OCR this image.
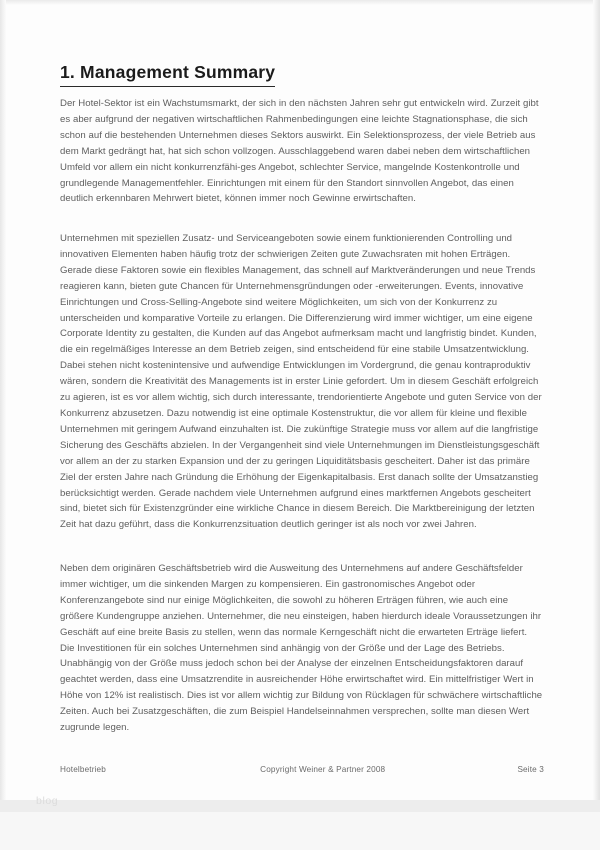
1. Management Summary

Der Hotel-Sektor ist ein Wachstumsmarkt, der sich in den nächsten Jahren sehr gut entwickeln wird. Zurzeit gibt es aber aufgrund der negativen wirtschaftlichen Rahmenbedingungen eine leichte Stagnationsphase, die sich schon auf die bestehenden Unternehmen dieses Sektors auswirkt. Ein Selektionsprozess, der viele Betrieb aus dem Markt gedrängt hat, hat sich schon vollzogen. Ausschlaggebend waren dabei neben dem wirtschaftlichen Umfeld vor allem ein nicht konkurrenzfähi-ges Angebot, schlechter Service, mangelnde Kostenkontrolle und grundlegende Managementfehler. Einrichtungen mit einem für den Standort sinnvollen Angebot, das einen deutlich erkennbaren Mehrwert bietet, können immer noch Gewinne erwirtschaften.

Unternehmen mit speziellen Zusatz- und Serviceangeboten sowie einem funktionierenden Controlling und innovativen Elementen haben häufig trotz der schwierigen Zeiten gute Zuwachsraten mit hohen Erträgen. Gerade diese Faktoren sowie ein flexibles Management, das schnell auf Marktveränderungen und neue Trends reagieren kann, bieten gute Chancen für Unternehmensgründungen oder -erweiterungen. Events, innovative Einrichtungen und Cross-Selling-Angebote sind weitere Möglichkeiten, um sich von der Konkurrenz zu unterscheiden und komparative Vorteile zu erlangen. Die Differenzierung wird immer wichtiger, um eine eigene Corporate Identity zu gestalten, die Kunden auf das Angebot aufmerksam macht und langfristig bindet. Kunden, die ein regelmäßiges Interesse an dem Betrieb zeigen, sind entscheidend für eine stabile Umsatzentwicklung. Dabei stehen nicht kostenintensive und aufwendige Entwicklungen im Vordergrund, die genau kontraproduktiv wären, sondern die Kreativität des Managements ist in erster Linie gefordert. Um in diesem Geschäft erfolgreich zu agieren, ist es vor allem wichtig, sich durch interessante, trendorientierte Angebote und guten Service von der Konkurrenz abzusetzen. Dazu notwendig ist eine optimale Kostenstruktur, die vor allem für kleine und flexible Unternehmen mit geringem Aufwand einzuhalten ist. Die zukünftige Strategie muss vor allem auf die langfristige Sicherung des Geschäfts abzielen. In der Vergangenheit sind viele Unternehmungen im Dienstleistungsgeschäft vor allem an der zu starken Expansion und der zu geringen Liquiditätsbasis gescheitert. Daher ist das primäre Ziel der ersten Jahre nach Gründung die Erhöhung der Eigenkapitalbasis. Erst danach sollte der Umsatzanstieg berücksichtigt werden. Gerade nachdem viele Unternehmen aufgrund eines marktfernen Angebots gescheitert sind, bietet sich für Existenzgründer eine wirkliche Chance in diesem Bereich. Die Marktbereinigung der letzten Zeit hat dazu geführt, dass die Konkurrenzsituation deutlich geringer ist als noch vor zwei Jahren.

Neben dem originären Geschäftsbetrieb wird die Ausweitung des Unternehmens auf andere Geschäftsfelder immer wichtiger, um die sinkenden Margen zu kompensieren. Ein gastronomisches Angebot oder Konferenzangebote sind nur einige Möglichkeiten, die sowohl zu höheren Erträgen führen, wie auch eine größere Kundengruppe anziehen. Unternehmer, die neu einsteigen, haben hierdurch ideale Voraussetzungen ihr Geschäft auf eine breite Basis zu stellen, wenn das normale Kerngeschäft nicht die erwarteten Erträge liefert. Die Investitionen für ein solches Unternehmen sind anhängig von der Größe und der Lage des Betriebs. Unabhängig von der Größe muss jedoch schon bei der Analyse der einzelnen Entscheidungsfaktoren darauf geachtet werden, dass eine Umsatzrendite in ausreichender Höhe erwirtschaftet wird. Ein mittelfristiger Wert in Höhe von 12% ist realistisch. Dies ist vor allem wichtig zur Bildung von Rücklagen für schwächere wirtschaftliche Zeiten. Auch bei Zusatzgeschäften, die zum Beispiel Handelseinnahmen versprechen, sollte man diesen Wert zugrunde legen.

Hotelbetrieb	Copyright Weiner & Partner 2008	Seite 3
blog
